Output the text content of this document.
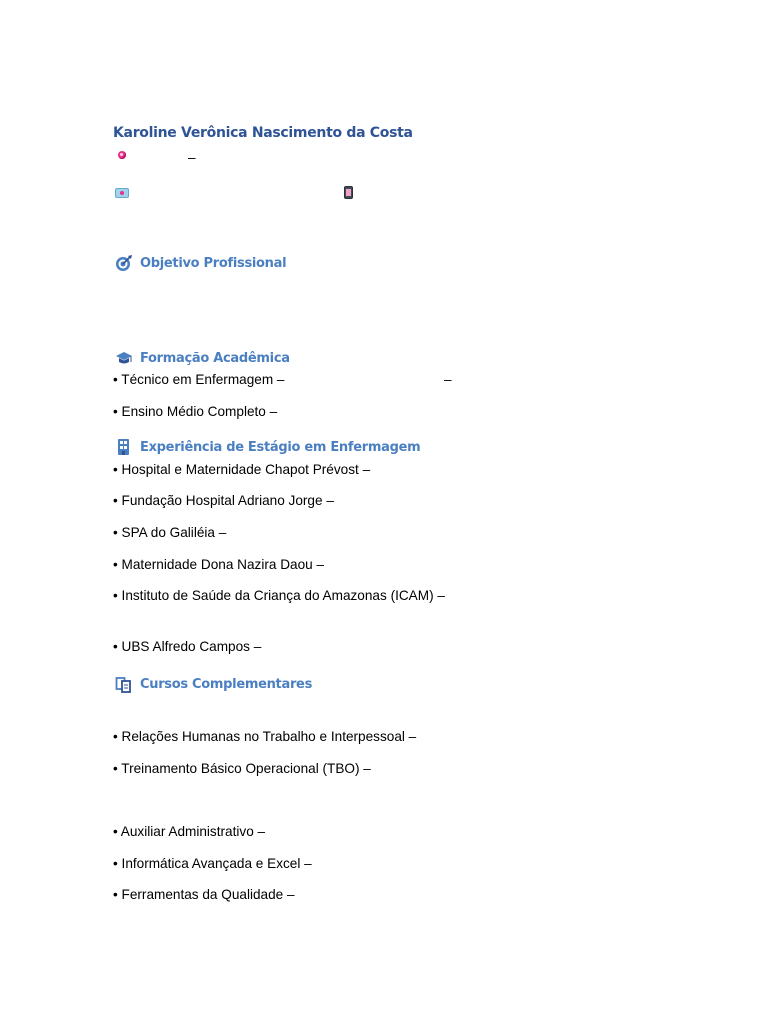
Karoline Verônica Nascimento da Costa
–
Objetivo Profissional
Formação Acadêmica
• Técnico em Enfermagem –	–
• Ensino Médio Completo –
Experiência de Estágio em Enfermagem
• Hospital e Maternidade Chapot Prévost –
• Fundação Hospital Adriano Jorge –
• SPA do Galiléia –
• Maternidade Dona Nazira Daou –
• Instituto de Saúde da Criança do Amazonas (ICAM) –
• UBS Alfredo Campos –
Cursos Complementares
• Relações Humanas no Trabalho e Interpessoal –
• Treinamento Básico Operacional (TBO) –
• Auxiliar Administrativo –
• Informática Avançada e Excel –
• Ferramentas da Qualidade –
